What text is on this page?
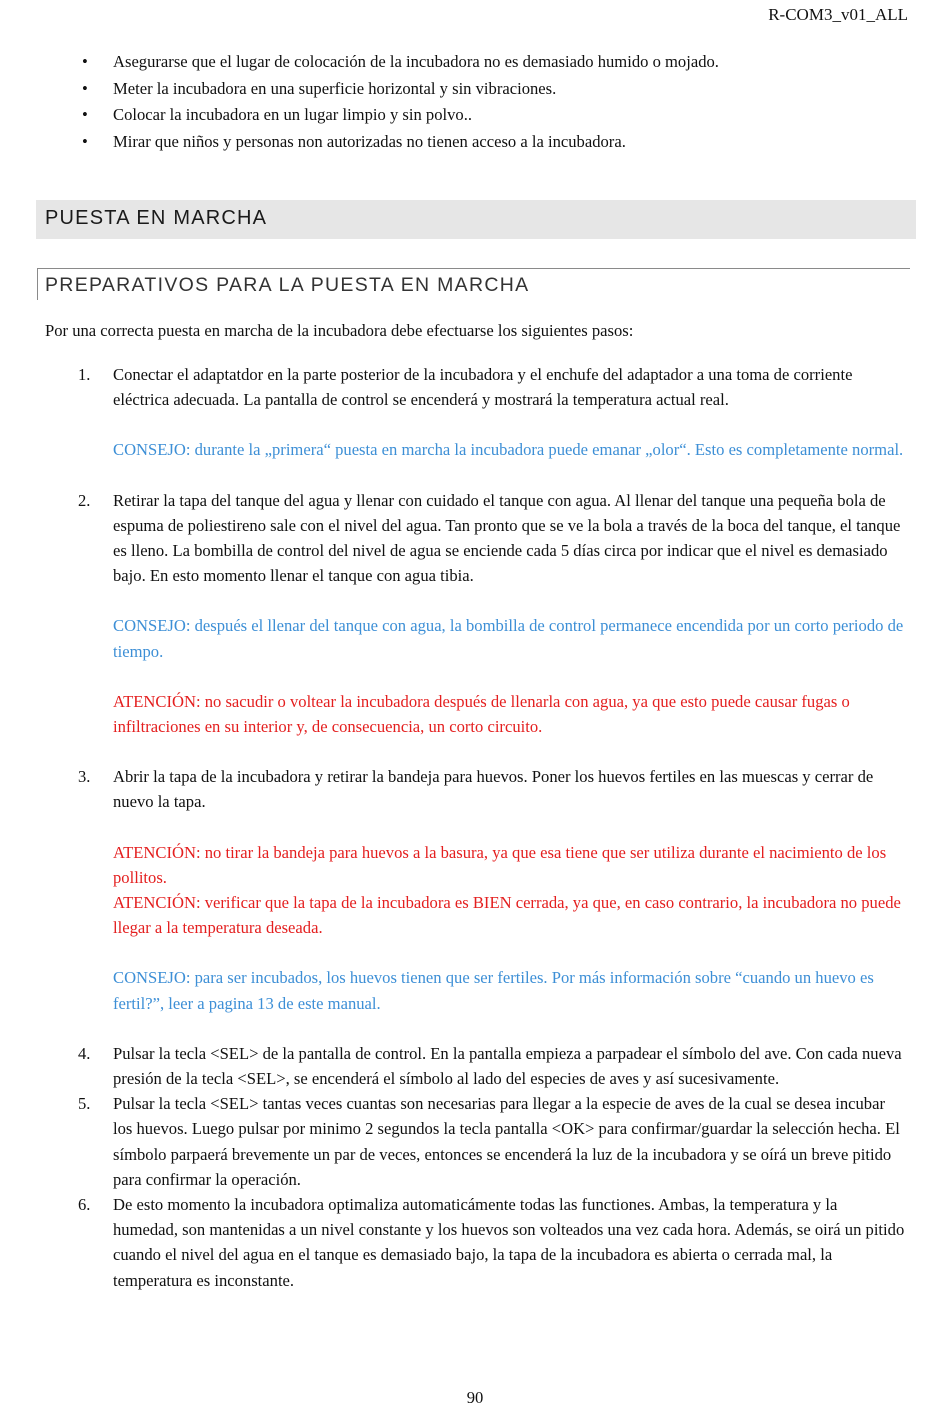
R-COM3_v01_ALL
• Asegurarse que el lugar de colocación de la incubadora no es demasiado humido o mojado.
• Meter la incubadora en una superficie horizontal y sin vibraciones.
• Colocar la incubadora en un lugar limpio y sin polvo..
• Mirar que niños y personas non autorizadas no tienen acceso a la incubadora.
PUESTA EN MARCHA
PREPARATIVOS PARA LA PUESTA EN MARCHA

Por una correcta puesta en marcha de la incubadora debe efectuarse los siguientes pasos:

1. Conectar el adaptatdor en la parte posterior de la incubadora y el enchufe del adaptador a una toma de corriente eléctrica adecuada. La pantalla de control se encenderá y mostrará la temperatura actual real.

CONSEJO: durante la „primera“ puesta en marcha la incubadora puede emanar „olor“. Esto es completamente normal.

2. Retirar la tapa del tanque del agua y llenar con cuidado el tanque con agua. Al llenar del tanque una pequeña bola de espuma de poliestireno sale con el nivel del agua. Tan pronto que se ve la bola a través de la boca del tanque, el tanque es lleno. La bombilla de control del nivel de agua se enciende cada 5 días circa por indicar que el nivel es demasiado bajo. En esto momento llenar el tanque con agua tibia.

CONSEJO: después el llenar del tanque con agua, la bombilla de control permanece encendida por un corto periodo de tiempo.

ATENCIÓN: no sacudir o voltear la incubadora después de llenarla con agua, ya que esto puede causar fugas o infiltraciones en su interior y, de consecuencia, un corto circuito.

3. Abrir la tapa de la incubadora y retirar la bandeja para huevos. Poner los huevos fertiles en las muescas y cerrar de nuevo la tapa.

ATENCIÓN: no tirar la bandeja para huevos a la basura, ya que esa tiene que ser utiliza durante el nacimiento de los pollitos.

ATENCIÓN: verificar que la tapa de la incubadora es BIEN cerrada, ya que, en caso contrario, la incubadora no puede llegar a la temperatura deseada.

CONSEJO: para ser incubados, los huevos tienen que ser fertiles. Por más información sobre “cuando un huevo es fertil?”, leer a pagina 13 de este manual.

4. Pulsar la tecla <SEL> de la pantalla de control. En la pantalla empieza a parpadear el símbolo del ave. Con cada nueva presión de la tecla <SEL>, se encenderá el símbolo al lado del especies de aves y así sucesivamente.

5. Pulsar la tecla <SEL> tantas veces cuantas son necesarias para llegar a la especie de aves de la cual se desea incubar los huevos. Luego pulsar por minimo 2 segundos la tecla pantalla <OK> para confirmar/guardar la selección hecha. El símbolo parpaerá brevemente un par de veces, entonces se encenderá la luz de la incubadora y se oírá un breve pitido para confirmar la operación.

6. De esto momento la incubadora optimaliza automaticámente todas las functiones. Ambas, la temperatura y la humedad, son mantenidas a un nivel constante y los huevos son volteados una vez cada hora. Además, se oirá un pitido cuando el nivel del agua en el tanque es demasiado bajo, la tapa de la incubadora es abierta o cerrada mal, la temperatura es inconstante.

90
